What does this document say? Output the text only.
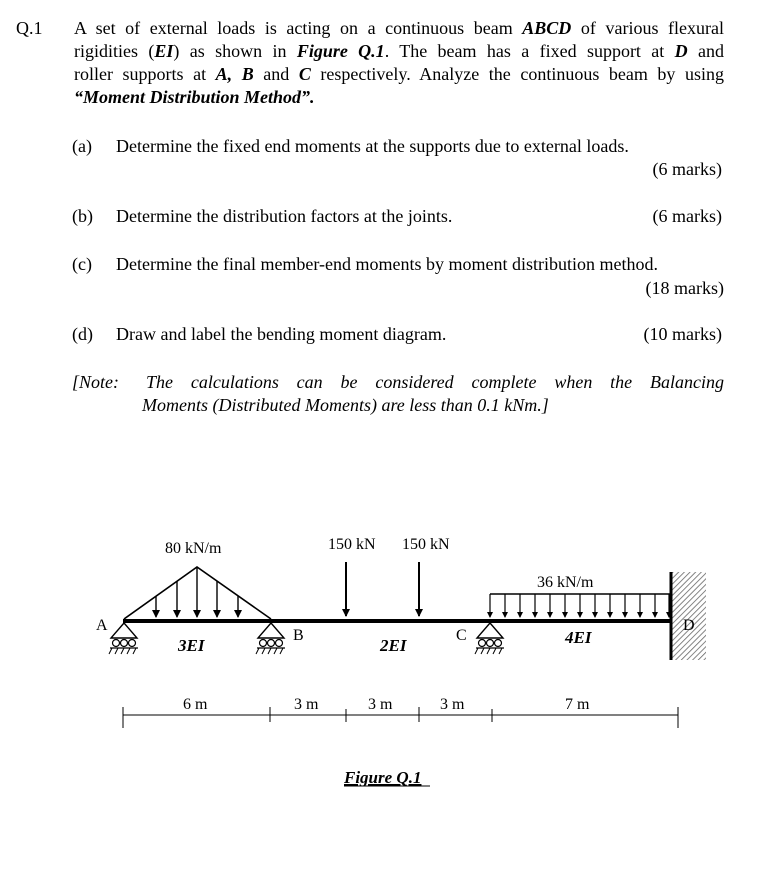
Q.1 A set of external loads is acting on a continuous beam ABCD of various flexural
rigidities (EI) as shown in Figure Q.1. The beam has a fixed support at D and
roller supports at A, B and C respectively. Analyze the continuous beam by using
“Moment Distribution Method”.
(a) Determine the fixed end moments at the supports due to external loads.
(6 marks)
(b) Determine the distribution factors at the joints.	(6 marks)
(c) Determine the final member-end moments by moment distribution method.
(18 marks)
(d) Draw and label the bending moment diagram.	(10 marks)
[Note: The calculations can be considered complete when the Balancing
Moments (Distributed Moments) are less than 0.1 kNm.]
80 kN/m	150 kN 150 kN
36 kN/m
A
B	C
D
3EI	2EI	4EI
6 m	3 m	3 m	3 m	7 m
Figure Q.1
